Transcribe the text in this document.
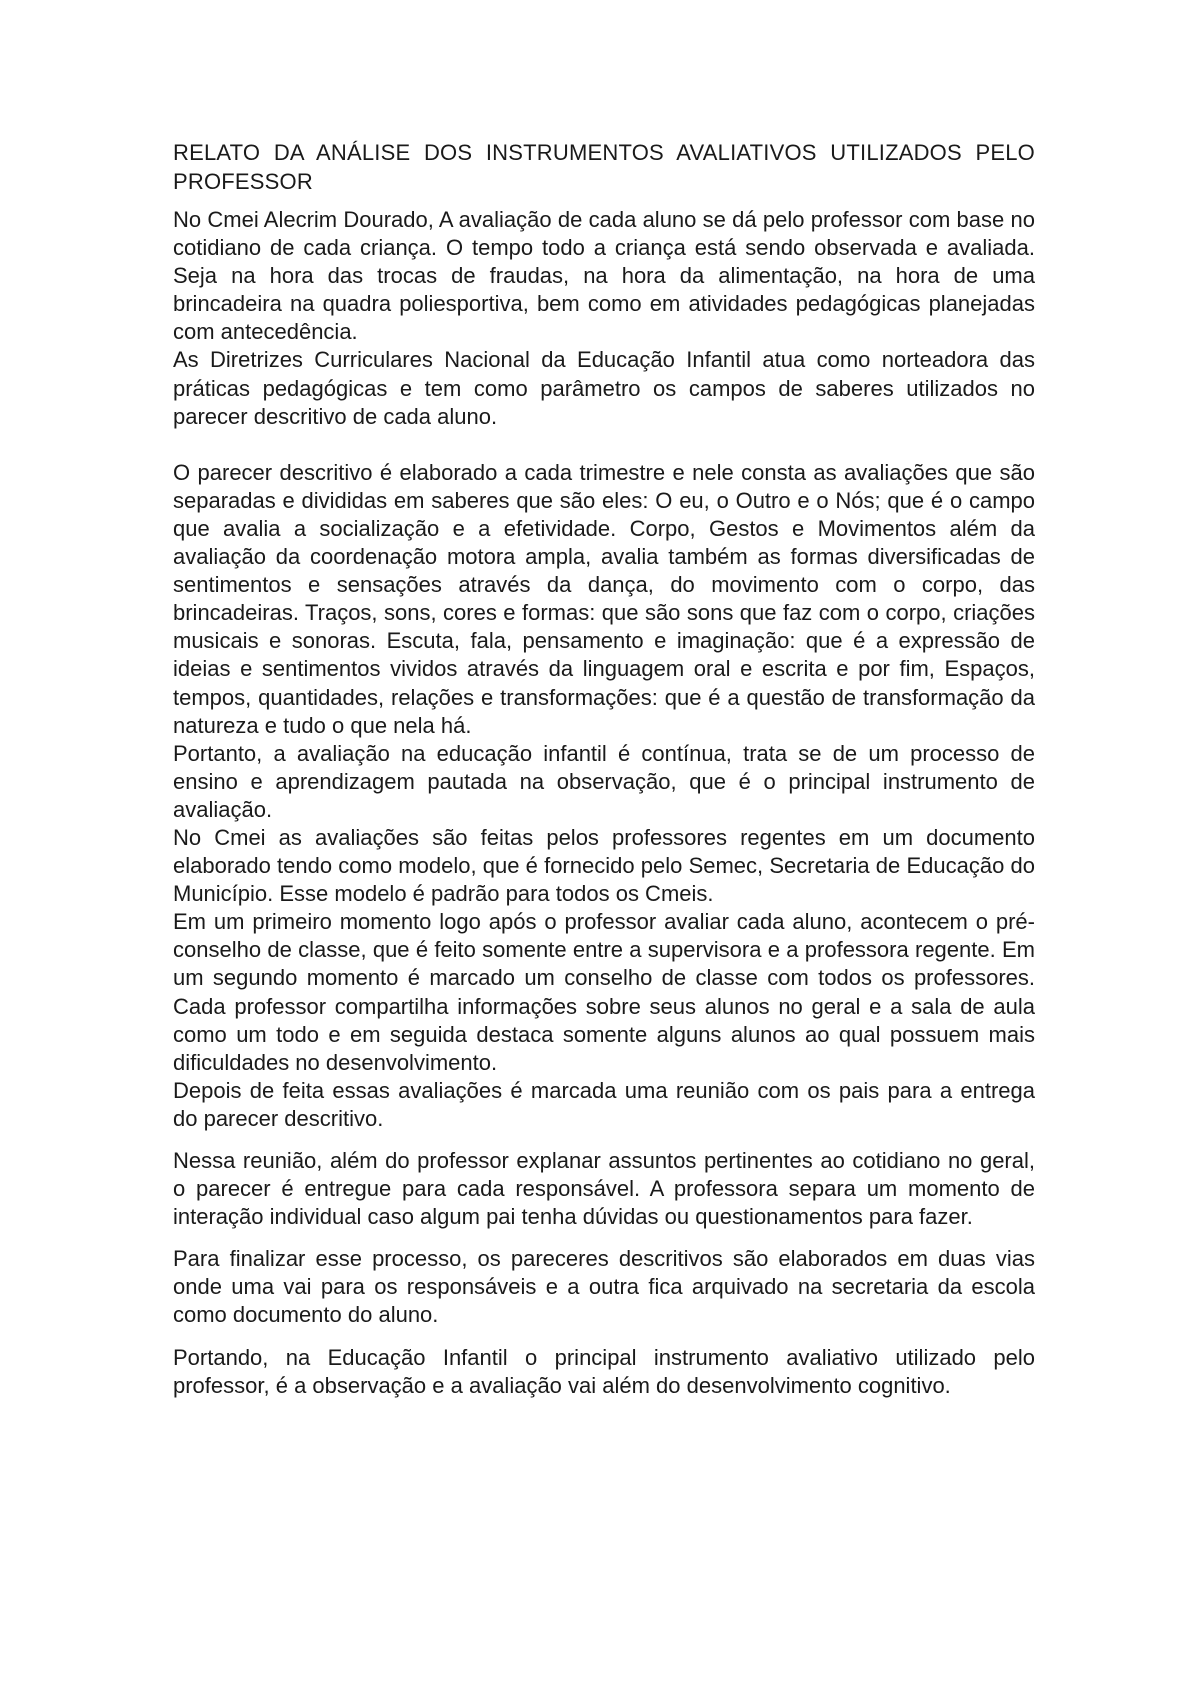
RELATO DA ANÁLISE DOS INSTRUMENTOS AVALIATIVOS UTILIZADOS PELO PROFESSOR

No Cmei Alecrim Dourado, A avaliação de cada aluno se dá pelo professor com base no cotidiano de cada criança. O tempo todo a criança está sendo observada e avaliada. Seja na hora das trocas de fraudas, na hora da alimentação, na hora de uma brincadeira na quadra poliesportiva, bem como em atividades pedagógicas planejadas com antecedência.

As Diretrizes Curriculares Nacional da Educação Infantil atua como norteadora das práticas pedagógicas e tem como parâmetro os campos de saberes utilizados no parecer descritivo de cada aluno.

O parecer descritivo é elaborado a cada trimestre e nele consta as avaliações que são separadas e divididas em saberes que são eles: O eu, o Outro e o Nós; que é o campo que avalia a socialização e a efetividade. Corpo, Gestos e Movimentos além da avaliação da coordenação motora ampla, avalia também as formas diversificadas de sentimentos e sensações através da dança, do movimento com o corpo, das brincadeiras. Traços, sons, cores e formas: que são sons que faz com o corpo, criações musicais e sonoras. Escuta, fala, pensamento e imaginação: que é a expressão de ideias e sentimentos vividos através da linguagem oral e escrita e por fim, Espaços, tempos, quantidades, relações e transformações: que é a questão de transformação da natureza e tudo o que nela há.

Portanto, a avaliação na educação infantil é contínua, trata se de um processo de ensino e aprendizagem pautada na observação, que é o principal instrumento de avaliação.

No Cmei as avaliações são feitas pelos professores regentes em um documento elaborado tendo como modelo, que é fornecido pelo Semec, Secretaria de Educação do Município. Esse modelo é padrão para todos os Cmeis.

Em um primeiro momento logo após o professor avaliar cada aluno, acontecem o pré-conselho de classe, que é feito somente entre a supervisora e a professora regente. Em um segundo momento é marcado um conselho de classe com todos os professores. Cada professor compartilha informações sobre seus alunos no geral e a sala de aula como um todo e em seguida destaca somente alguns alunos ao qual possuem mais dificuldades no desenvolvimento.

Depois de feita essas avaliações é marcada uma reunião com os pais para a entrega do parecer descritivo.

Nessa reunião, além do professor explanar assuntos pertinentes ao cotidiano no geral, o parecer é entregue para cada responsável. A professora separa um momento de interação individual caso algum pai tenha dúvidas ou questionamentos para fazer.

Para finalizar esse processo, os pareceres descritivos são elaborados em duas vias onde uma vai para os responsáveis e a outra fica arquivado na secretaria da escola como documento do aluno.

Portando, na Educação Infantil o principal instrumento avaliativo utilizado pelo professor, é a observação e a avaliação vai além do desenvolvimento cognitivo.
